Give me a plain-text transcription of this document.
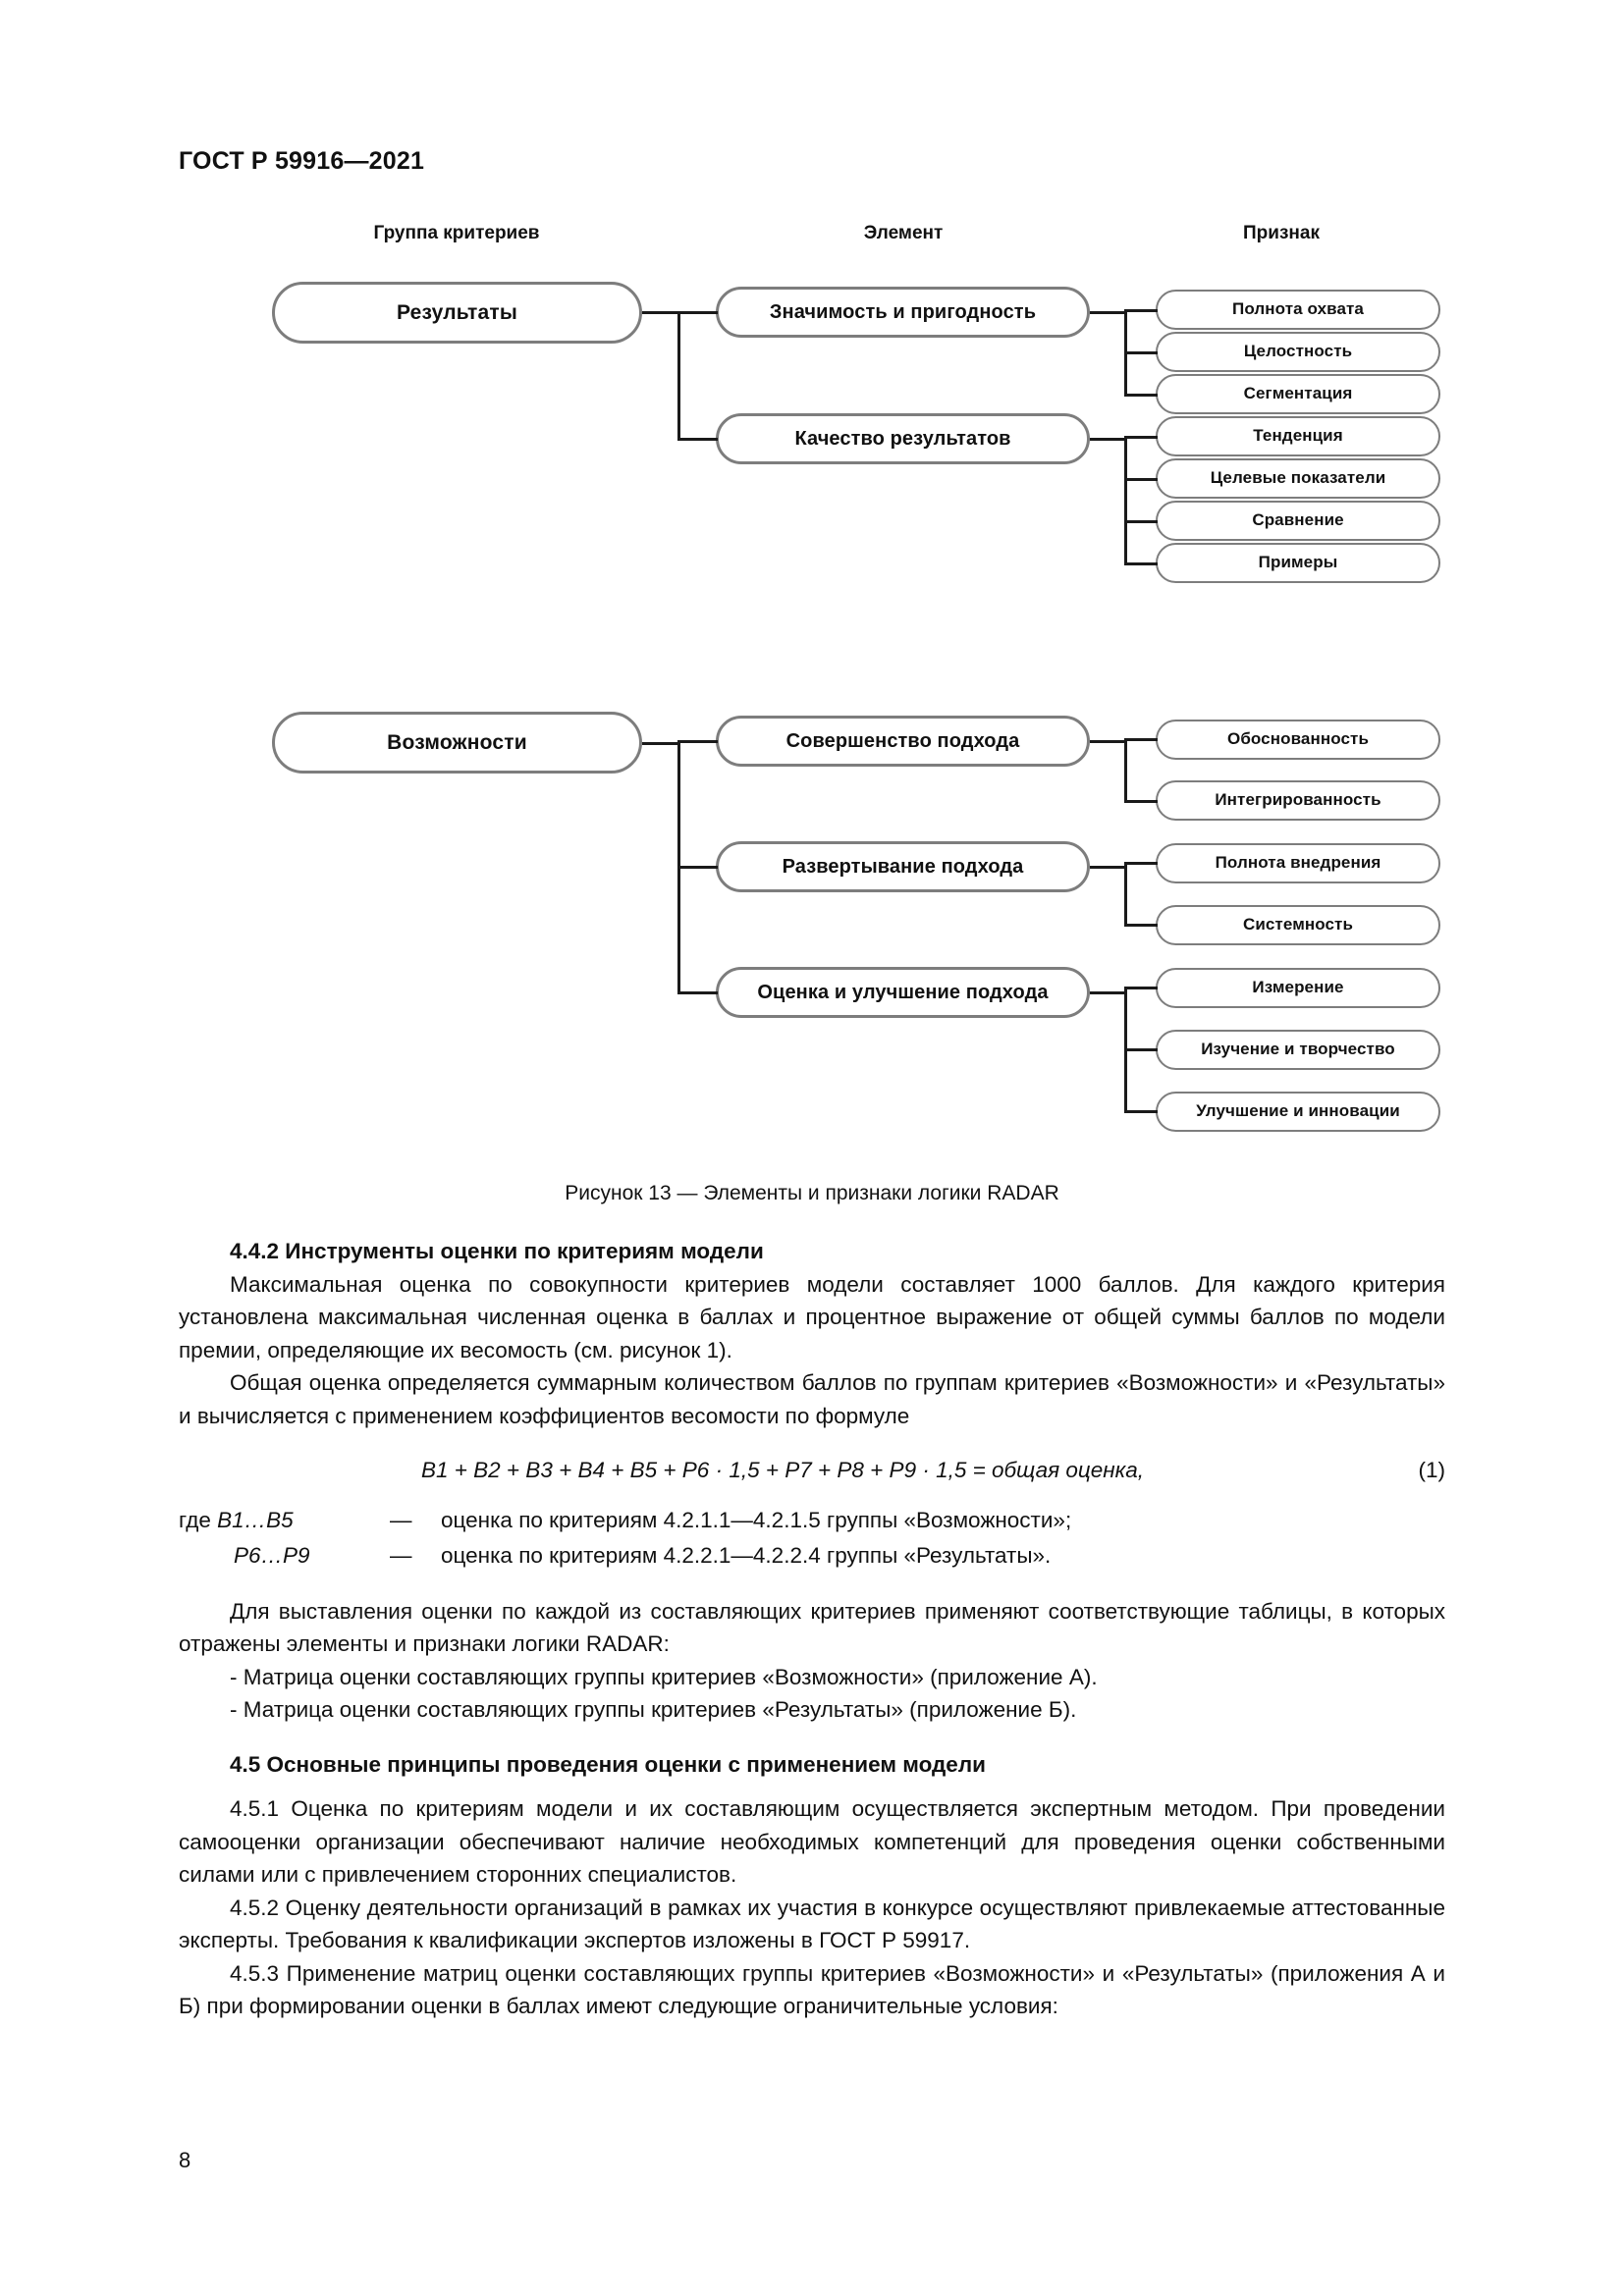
ГОСТ Р 59916—2021
Группа критериев	Элемент	Признак
Результаты
Возможности
Значимость и пригодность
Качество результатов
Совершенство подхода
Развертывание подхода
Оценка и улучшение подхода
Полнота охвата
Целостность
Сегментация
Тенденция
Целевые показатели
Сравнение
Примеры
Обоснованность
Интегрированность
Полнота внедрения
Системность
Измерение
Изучение и творчество
Улучшение и инновации
Рисунок 13 — Элементы и признаки логики RADAR
4.4.2 Инструменты оценки по критериям модели

Максимальная оценка по совокупности критериев модели составляет 1000 баллов. Для каждого критерия установлена максимальная численная оценка в баллах и процентное выражение от общей суммы баллов по модели премии, определяющие их весомость (см. рисунок 1).

Общая оценка определяется суммарным количеством баллов по группам критериев «Возможности» и «Результаты» и вычисляется с применением коэффициентов весомости по формуле

В1 + В2 + В3 + В4 + В5 + Р6 · 1,5 + Р7 + Р8 + Р9 · 1,5 = общая оценка,	(1)
где В1…В5	—	оценка по критериям 4.2.1.1—4.2.1.5 группы «Возможности»;
Р6…Р9	—	оценка по критериям 4.2.2.1—4.2.2.4 группы «Результаты».

Для выставления оценки по каждой из составляющих критериев применяют соответствующие таблицы, в которых отражены элементы и признаки логики RADAR:

- Матрица оценки составляющих группы критериев «Возможности» (приложение А).

- Матрица оценки составляющих группы критериев «Результаты» (приложение Б).

4.5 Основные принципы проведения оценки с применением модели

4.5.1 Оценка по критериям модели и их составляющим осуществляется экспертным методом. При проведении самооценки организации обеспечивают наличие необходимых компетенций для проведения оценки собственными силами или с привлечением сторонних специалистов.

4.5.2 Оценку деятельности организаций в рамках их участия в конкурсе осуществляют привлекаемые аттестованные эксперты. Требования к квалификации экспертов изложены в ГОСТ Р 59917.

4.5.3 Применение матриц оценки составляющих группы критериев «Возможности» и «Результаты» (приложения А и Б) при формировании оценки в баллах имеют следующие ограничительные условия:

8
